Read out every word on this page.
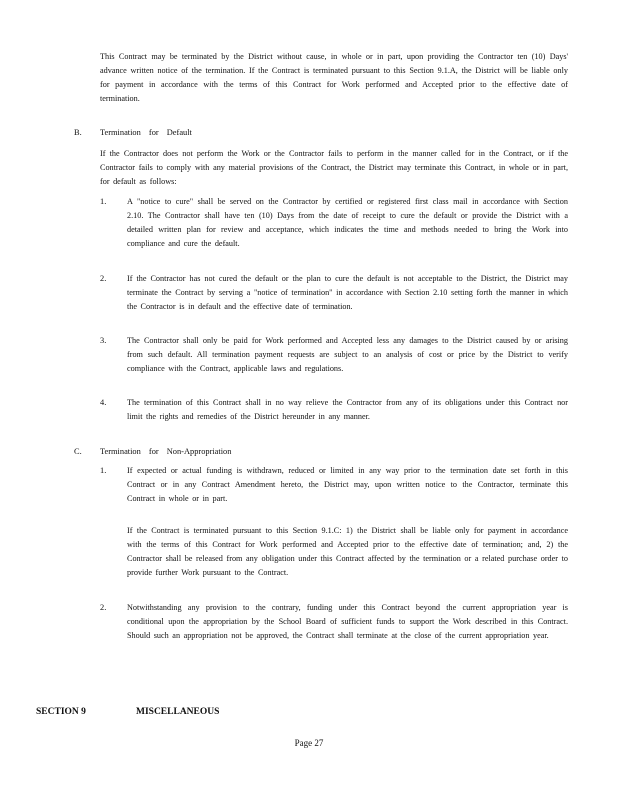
This Contract may be terminated by the District without cause, in whole or in part, upon providing the Contractor ten (10) Days' advance written notice of the termination. If the Contract is terminated pursuant to this Section 9.1.A, the District will be liable only for payment in accordance with the terms of this Contract for Work performed and Accepted prior to the effective date of termination.

B. Termination for Default

If the Contractor does not perform the Work or the Contractor fails to perform in the manner called for in the Contract, or if the Contractor fails to comply with any material provisions of the Contract, the District may terminate this Contract, in whole or in part, for default as follows:

1.	A "notice to cure" shall be served on the Contractor by certified or registered first class mail in accordance with Section 2.10. The Contractor shall have ten (10) Days from the date of receipt to cure the default or provide the District with a detailed written plan for review and acceptance, which indicates the time and methods needed to bring the Work into compliance and cure the default.

2.	If the Contractor has not cured the default or the plan to cure the default is not acceptable to the District, the District may terminate the Contract by serving a "notice of termination" in accordance with Section 2.10 setting forth the manner in which the Contractor is in default and the effective date of termination.

3.	The Contractor shall only be paid for Work performed and Accepted less any damages to the District caused by or arising from such default. All termination payment requests are subject to an analysis of cost or price by the District to verify compliance with the Contract, applicable laws and regulations.

4.	The termination of this Contract shall in no way relieve the Contractor from any of its obligations under this Contract nor limit the rights and remedies of the District hereunder in any manner.

C. Termination for Non-Appropriation
1.	If expected or actual funding is withdrawn, reduced or limited in any way prior to the termination date set forth in this Contract or in any Contract Amendment hereto, the District may, upon written notice to the Contractor, terminate this Contract in whole or in part.

If the Contract is terminated pursuant to this Section 9.1.C: 1) the District shall be liable only for payment in accordance with the terms of this Contract for Work performed and Accepted prior to the effective date of termination; and, 2) the Contractor shall be released from any obligation under this Contract affected by the termination or a related purchase order to provide further Work pursuant to the Contract.

2.	Notwithstanding any provision to the contrary, funding under this Contract beyond the current appropriation year is conditional upon the appropriation by the School Board of sufficient funds to support the Work described in this Contract. Should such an appropriation not be approved, the Contract shall terminate at the close of the current appropriation year.

SECTION 9	MISCELLANEOUS
Page 27
